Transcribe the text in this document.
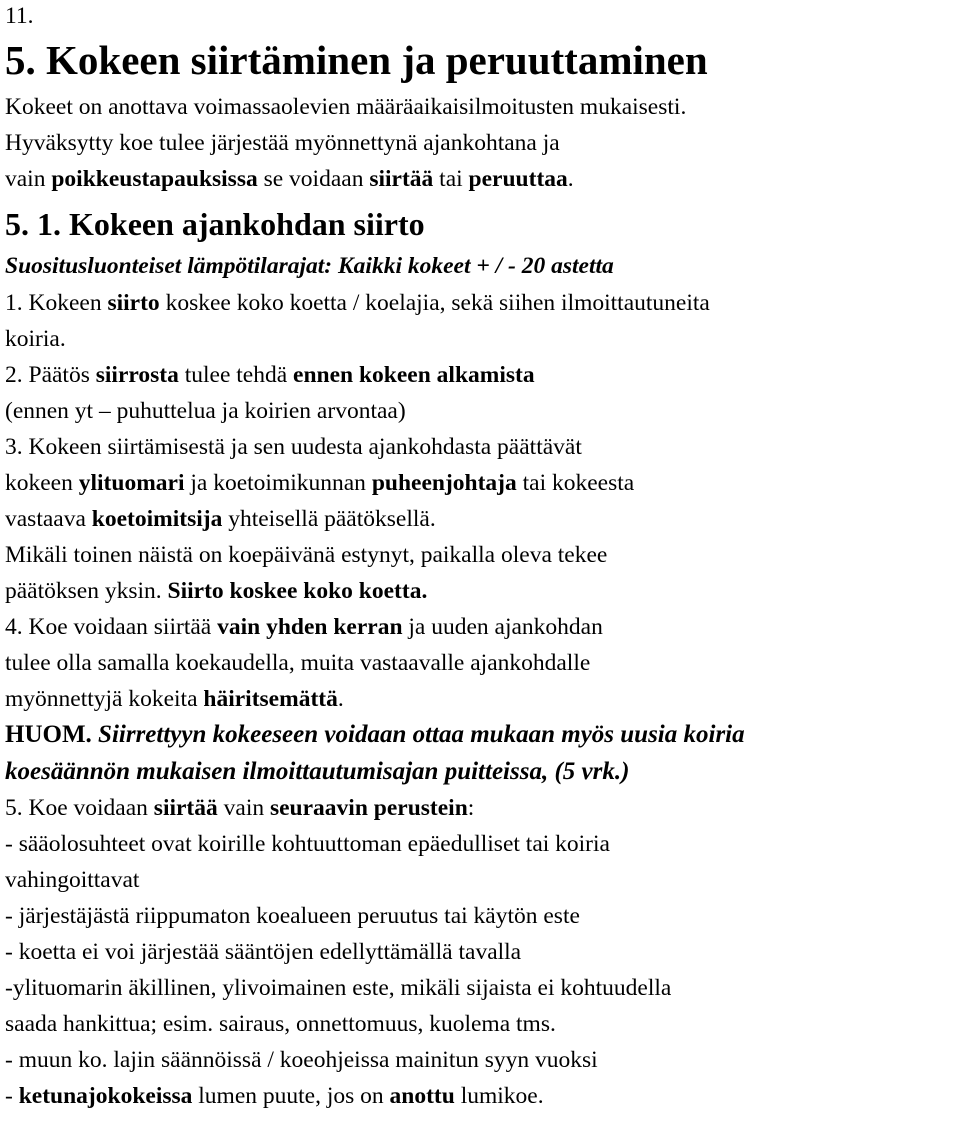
11.
5. Kokeen siirtäminen ja peruuttaminen
Kokeet on anottava voimassaolevien määräaikaisilmoitusten mukaisesti.
Hyväksytty koe tulee järjestää myönnettynä ajankohtana ja
vain poikkeustapauksissa se voidaan siirtää tai peruuttaa.
5. 1. Kokeen ajankohdan siirto
Suositusluonteiset lämpötilarajat: Kaikki kokeet + / - 20 astetta
1. Kokeen siirto koskee koko koetta / koelajia, sekä siihen ilmoittautuneita
koiria.
2. Päätös siirrosta tulee tehdä ennen kokeen alkamista
(ennen yt – puhuttelua ja koirien arvontaa)
3. Kokeen siirtämisestä ja sen uudesta ajankohdasta päättävät
kokeen ylituomari ja koetoimikunnan puheenjohtaja tai kokeesta
vastaava koetoimitsija yhteisellä päätöksellä.
Mikäli toinen näistä on koepäivänä estynyt, paikalla oleva tekee
päätöksen yksin. Siirto koskee koko koetta.
4. Koe voidaan siirtää vain yhden kerran ja uuden ajankohdan
tulee olla samalla koekaudella, muita vastaavalle ajankohdalle
myönnettyjä kokeita häiritsemättä.
HUOM. Siirrettyyn kokeeseen voidaan ottaa mukaan myös uusia koiria
koesäännön mukaisen ilmoittautumisajan puitteissa, (5 vrk.)
5. Koe voidaan siirtää vain seuraavin perustein:
- sääolosuhteet ovat koirille kohtuuttoman epäedulliset tai koiria
vahingoittavat
- järjestäjästä riippumaton koealueen peruutus tai käytön este
- koetta ei voi järjestää sääntöjen edellyttämällä tavalla
-ylituomarin äkillinen, ylivoimainen este, mikäli sijaista ei kohtuudella
saada hankittua; esim. sairaus, onnettomuus, kuolema tms.
- muun ko. lajin säännöissä / koeohjeissa mainitun syyn vuoksi
- ketunajokokeissa lumen puute, jos on anottu lumikoe.
